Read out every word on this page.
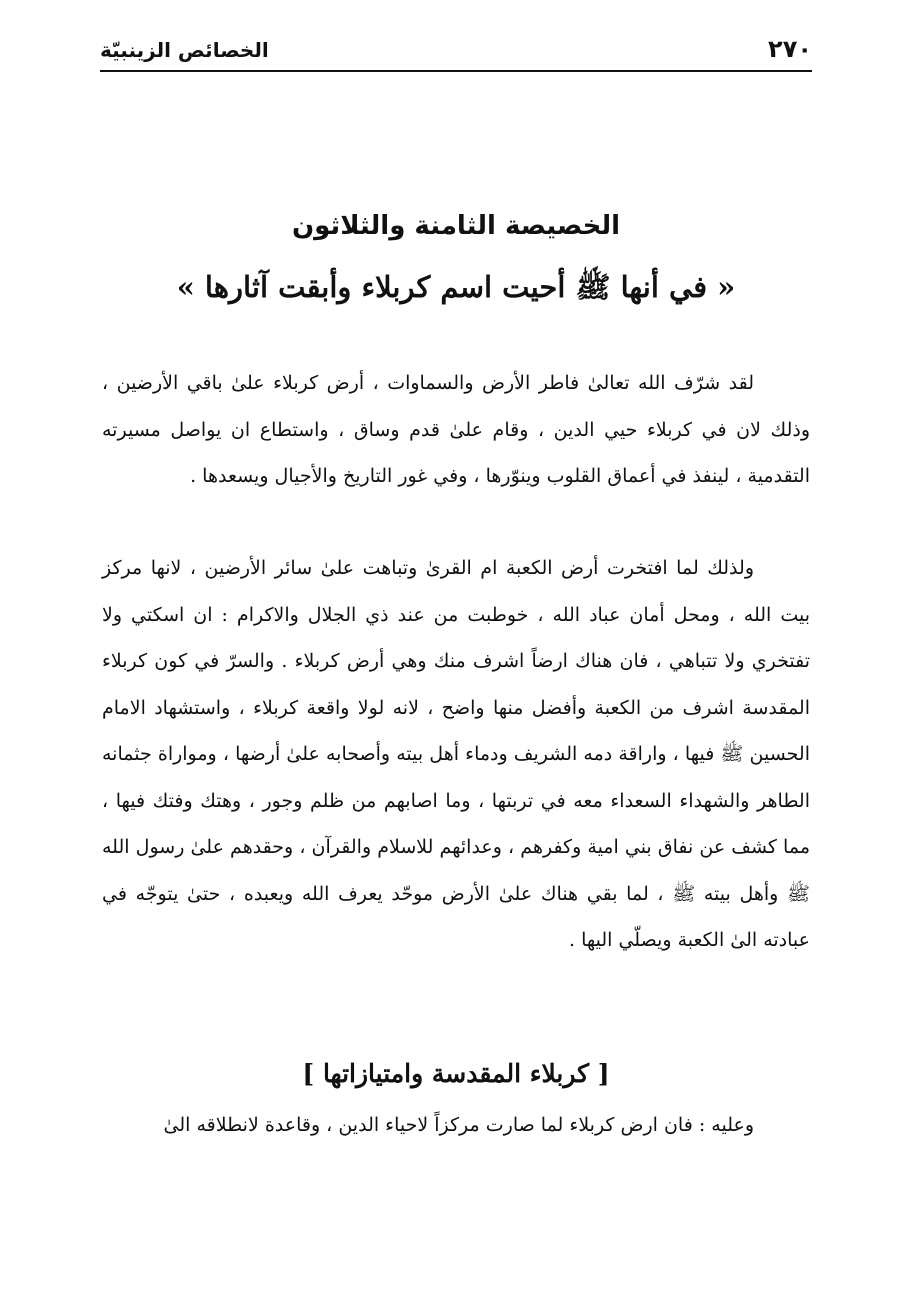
٢٧٠
الخصائص الزينبيّة
الخصيصة الثامنة والثلاثون
« في أنها ﷺ أحيت اسم كربلاء وأبقت آثارها »

لقد شرّف الله تعالىٰ فاطر الأرض والسماوات ، أرض كربلاء علىٰ باقي الأرضين ، وذلك لان في كربلاء حيي الدين ، وقام علىٰ قدم وساق ، واستطاع ان يواصل مسيرته التقدمية ، لينفذ في أعماق القلوب وينوّرها ، وفي غور التاريخ والأجيال ويسعدها .

ولذلك لما افتخرت أرض الكعبة ام القرىٰ وتباهت علىٰ سائر الأرضين ، لانها مركز بيت الله ، ومحل أمان عباد الله ، خوطبت من عند ذي الجلال والاكرام : ان اسكتي ولا تفتخري ولا تتباهي ، فان هناك ارضاً اشرف منك وهي أرض كربلاء . والسرّ في كون كربلاء المقدسة اشرف من الكعبة وأفضل منها واضح ، لانه لولا واقعة كربلاء ، واستشهاد الامام الحسين ﷺ فيها ، واراقة دمه الشريف ودماء أهل بيته وأصحابه علىٰ أرضها ، ومواراة جثمانه الطاهر والشهداء السعداء معه في تربتها ، وما اصابهم من ظلم وجور ، وهتك وفتك فيها ، مما كشف عن نفاق بني امية وكفرهم ، وعدائهم للاسلام والقرآن ، وحقدهم علىٰ رسول الله ﷺ وأهل بيته ﷺ ، لما بقي هناك علىٰ الأرض موحّد يعرف الله ويعبده ، حتىٰ يتوجّه في عبادته الىٰ الكعبة ويصلّي اليها .

[ كربلاء المقدسة وامتيازاتها ]

وعليه : فان ارض كربلاء لما صارت مركزاً لاحياء الدين ، وقاعدة لانطلاقه الىٰ
